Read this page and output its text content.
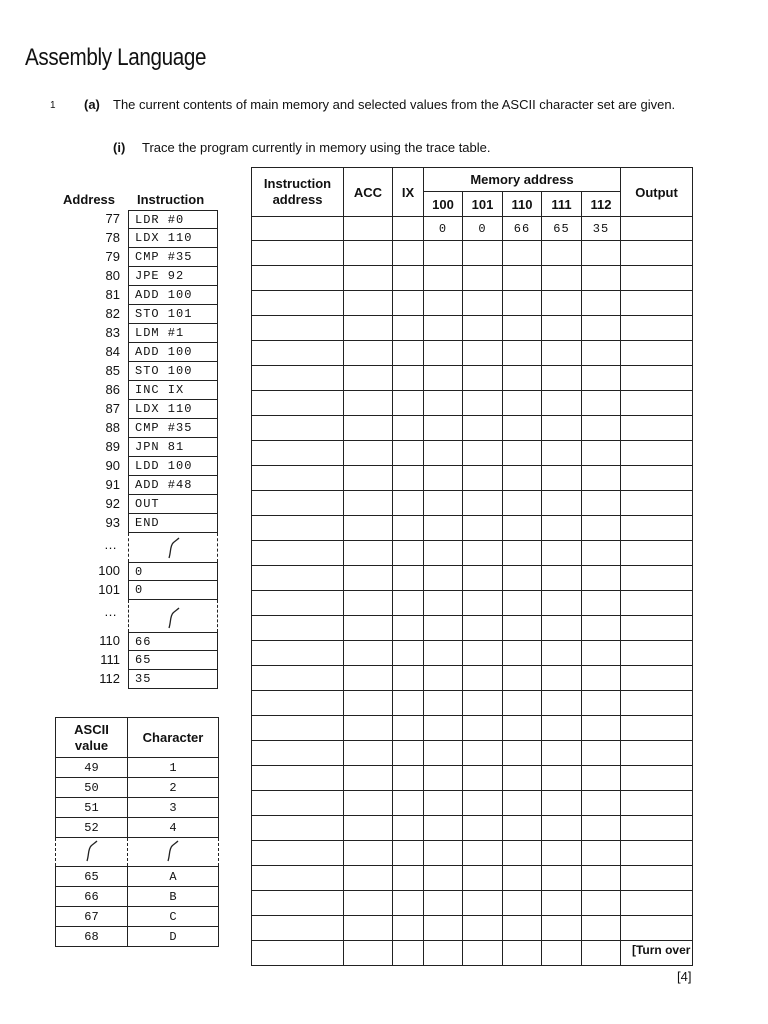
Assembly Language
1 (a) The current contents of main memory and selected values from the ASCII character set are given.
(i) Trace the program currently in memory using the trace table.
Address Instruction
77	LDR #0
78	LDX 110
79	CMP #35
80	JPE 92
81	ADD 100
82	STO 101
83	LDM #1
84	ADD 100
85	STO 100
86	INC IX
87	LDX 110
88	CMP #35
89	JPN 81
90	LDD 100
91	ADD #48
92	OUT
93	END
…
100	0
101	0
…
110	66
111	65
112	35
ASCII value	Character
49	1
50	2
51	3
52	4

65	A
66	B
67	C
68	D
Instruction address	ACC	IX	Memory address					Output
			100	101	110	111	112	
			0	0	66	65	35	

[Turn over
[4]
